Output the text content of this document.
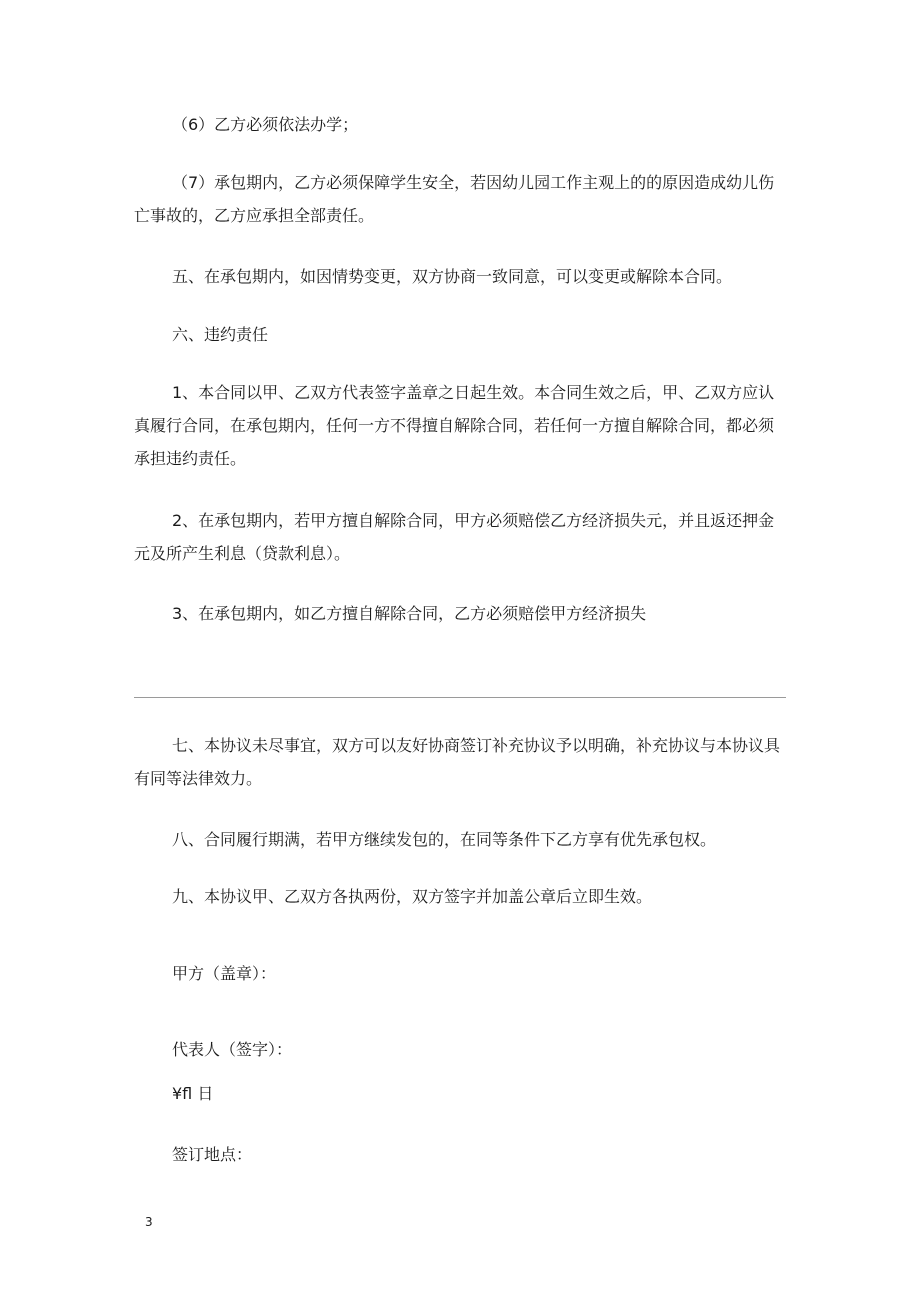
（6）乙方必须依法办学；

（7）承包期内，乙方必须保障学生安全，若因幼儿园工作主观上的的原因造成幼儿伤亡事故的，乙方应承担全部责任。

五、在承包期内，如因情势变更，双方协商一致同意，可以变更或解除本合同。

六、违约责任

1、本合同以甲、乙双方代表签字盖章之日起生效。本合同生效之后，甲、乙双方应认真履行合同，在承包期内，任何一方不得擅自解除合同，若任何一方擅自解除合同，都必须承担违约责任。

2、在承包期内，若甲方擅自解除合同，甲方必须赔偿乙方经济损失元，并且返还押金元及所产生利息（贷款利息）。

3、在承包期内，如乙方擅自解除合同，乙方必须赔偿甲方经济损失

七、本协议未尽事宜，双方可以友好协商签订补充协议予以明确，补充协议与本协议具有同等法律效力。

八、合同履行期满，若甲方继续发包的，在同等条件下乙方享有优先承包权。

九、本协议甲、乙双方各执两份，双方签字并加盖公章后立即生效。

甲方（盖章）：

代表人（签字）：

¥fl 日

签订地点：

3
